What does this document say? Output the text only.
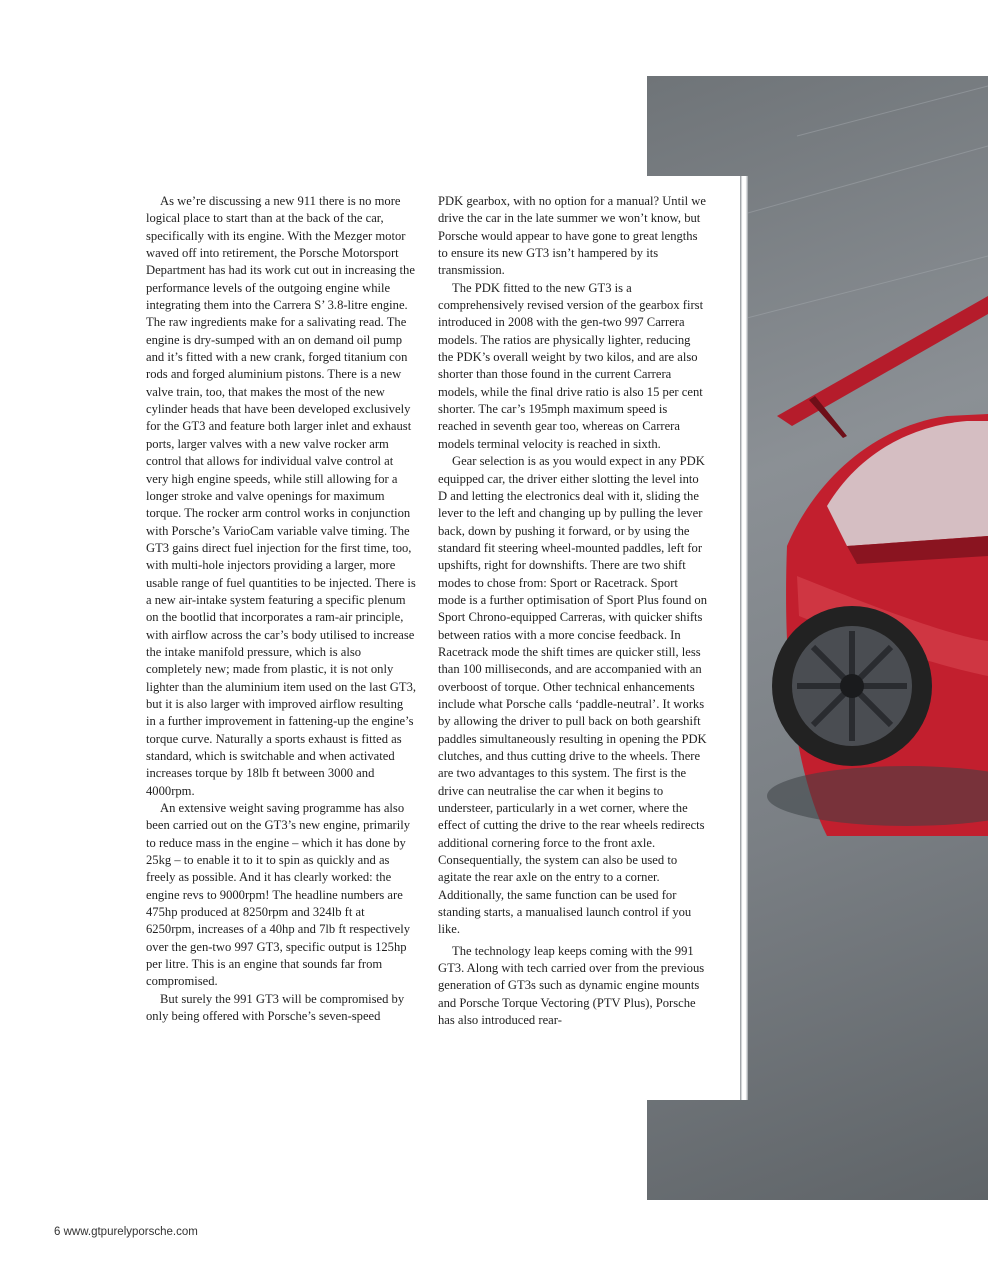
As we’re discussing a new 911 there is no more logical place to start than at the back of the car, specifically with its engine. With the Mezger motor waved off into retirement, the Porsche Motorsport Department has had its work cut out in increasing the performance levels of the outgoing engine while integrating them into the Carrera S’ 3.8-litre engine. The raw ingredients make for a salivating read. The engine is dry-sumped with an on demand oil pump and it’s fitted with a new crank, forged titanium con rods and forged aluminium pistons. There is a new valve train, too, that makes the most of the new cylinder heads that have been developed exclusively for the GT3 and feature both larger inlet and exhaust ports, larger valves with a new valve rocker arm control that allows for individual valve control at very high engine speeds, while still allowing for a longer stroke and valve openings for maximum torque. The rocker arm control works in conjunction with Porsche’s VarioCam variable valve timing. The GT3 gains direct fuel injection for the first time, too, with multi-hole injectors providing a larger, more usable range of fuel quantities to be injected. There is a new air-intake system featuring a specific plenum on the bootlid that incorporates a ram-air principle, with airflow across the car’s body utilised to increase the intake manifold pressure, which is also completely new; made from plastic, it is not only lighter than the aluminium item used on the last GT3, but it is also larger with improved airflow resulting in a further improvement in fattening-up the engine’s torque curve. Naturally a sports exhaust is fitted as standard, which is switchable and when activated increases torque by 18lb ft between 3000 and 4000rpm.

An extensive weight saving programme has also been carried out on the GT3’s new engine, primarily to reduce mass in the engine – which it has done by 25kg – to enable it to it to spin as quickly and as freely as possible. And it has clearly worked: the engine revs to 9000rpm! The headline numbers are 475hp produced at 8250rpm and 324lb ft at 6250rpm, increases of a 40hp and 7lb ft respectively over the gen-two 997 GT3, specific output is 125hp per litre. This is an engine that sounds far from compromised.

But surely the 991 GT3 will be compromised by only being offered with Porsche’s seven-speed

PDK gearbox, with no option for a manual? Until we drive the car in the late summer we won’t know, but Porsche would appear to have gone to great lengths to ensure its new GT3 isn’t hampered by its transmission.

The PDK fitted to the new GT3 is a comprehensively revised version of the gearbox first introduced in 2008 with the gen-two 997 Carrera models. The ratios are physically lighter, reducing the PDK’s overall weight by two kilos, and are also shorter than those found in the current Carrera models, while the final drive ratio is also 15 per cent shorter. The car’s 195mph maximum speed is reached in seventh gear too, whereas on Carrera models terminal velocity is reached in sixth.

Gear selection is as you would expect in any PDK equipped car, the driver either slotting the level into D and letting the electronics deal with it, sliding the lever to the left and changing up by pulling the lever back, down by pushing it forward, or by using the standard fit steering wheel-mounted paddles, left for upshifts, right for downshifts. There are two shift modes to chose from: Sport or Racetrack. Sport mode is a further optimisation of Sport Plus found on Sport Chrono-equipped Carreras, with quicker shifts between ratios with a more concise feedback. In Racetrack mode the shift times are quicker still, less than 100 milliseconds, and are accompanied with an overboost of torque. Other technical enhancements include what Porsche calls ‘paddle-neutral’. It works by allowing the driver to pull back on both gearshift paddles simultaneously resulting in opening the PDK clutches, and thus cutting drive to the wheels. There are two advantages to this system. The first is the drive can neutralise the car when it begins to understeer, particularly in a wet corner, where the effect of cutting the drive to the rear wheels redirects additional cornering force to the front axle. Consequentially, the system can also be used to agitate the rear axle on the entry to a corner. Additionally, the same function can be used for standing starts, a manualised launch control if you like.

The technology leap keeps coming with the 991 GT3. Along with tech carried over from the previous generation of GT3s such as dynamic engine mounts and Porsche Torque Vectoring (PTV Plus), Porsche has also introduced rear-

6 www.gtpurelyporsche.com
